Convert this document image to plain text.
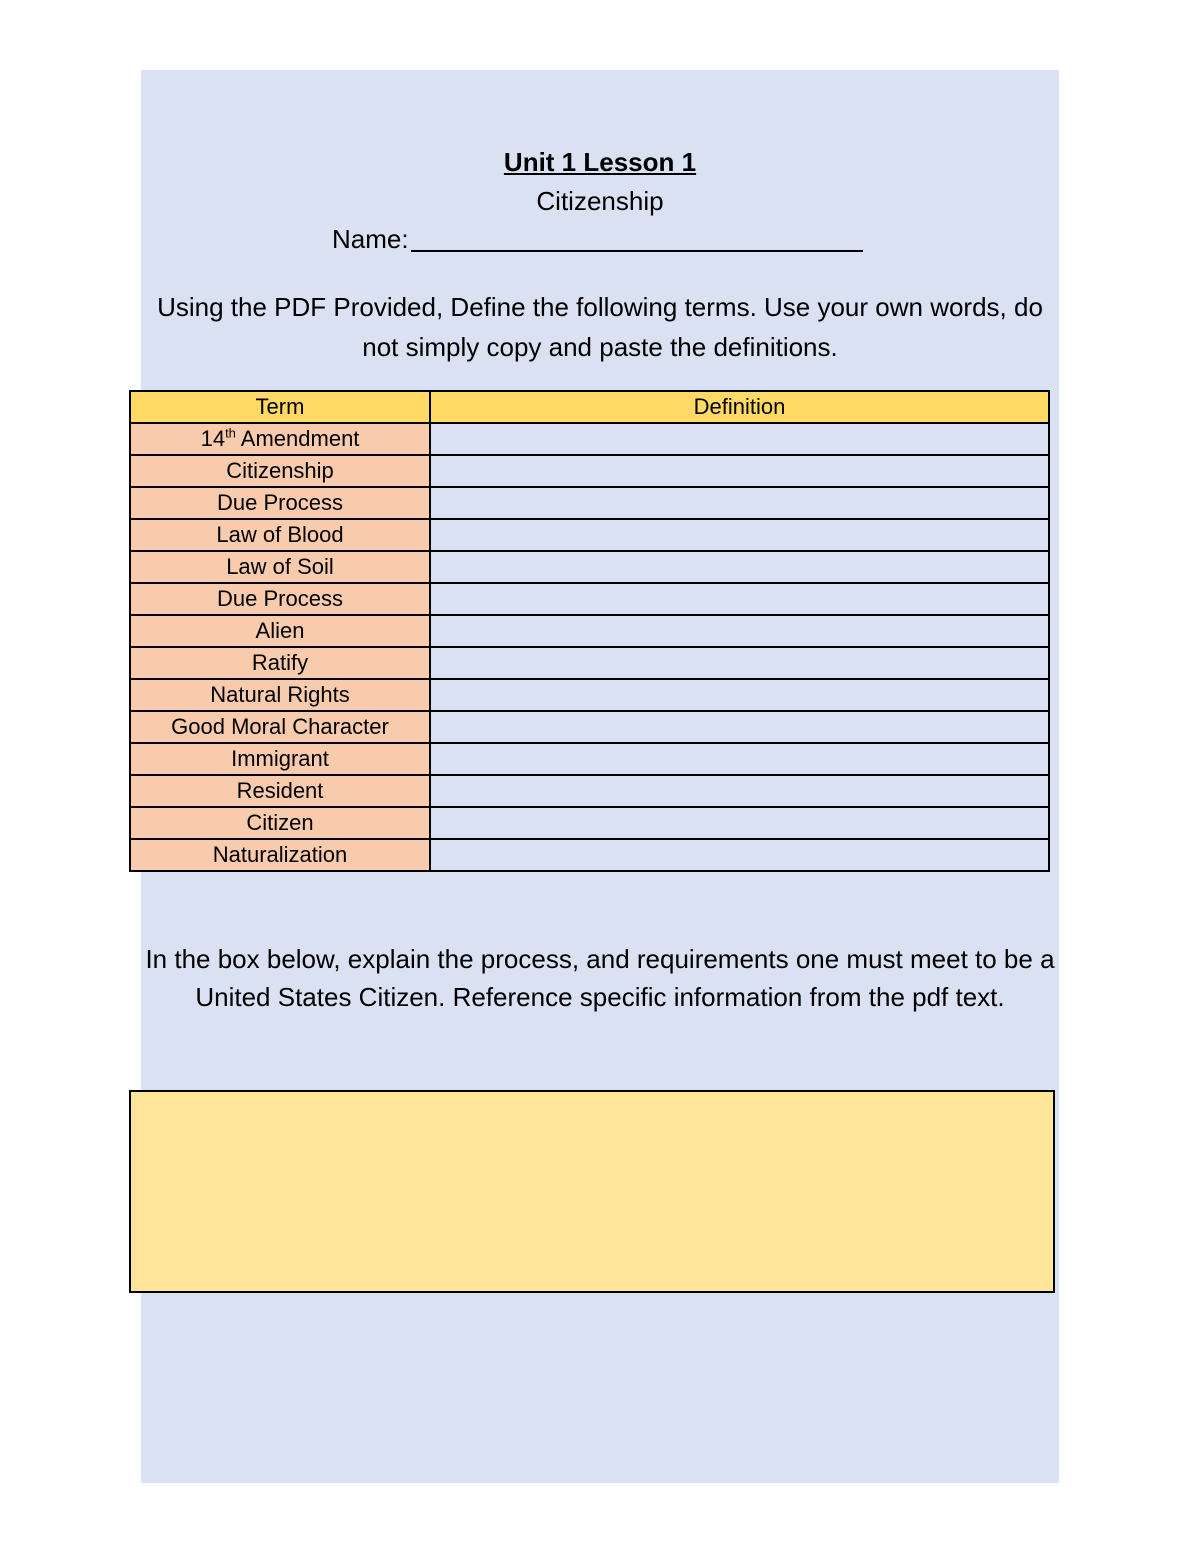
Unit 1 Lesson 1
Citizenship
Name:
Using the PDF Provided, Define the following terms. Use your own words, do not simply copy and paste the definitions.
Term	Definition
14th Amendment	
Citizenship	
Due Process	
Law of Blood	
Law of Soil	
Due Process	
Alien	
Ratify	
Natural Rights	
Good Moral Character	
Immigrant	
Resident	
Citizen	
Naturalization	
In the box below, explain the process, and requirements one must meet to be a United States Citizen. Reference specific information from the pdf text.
